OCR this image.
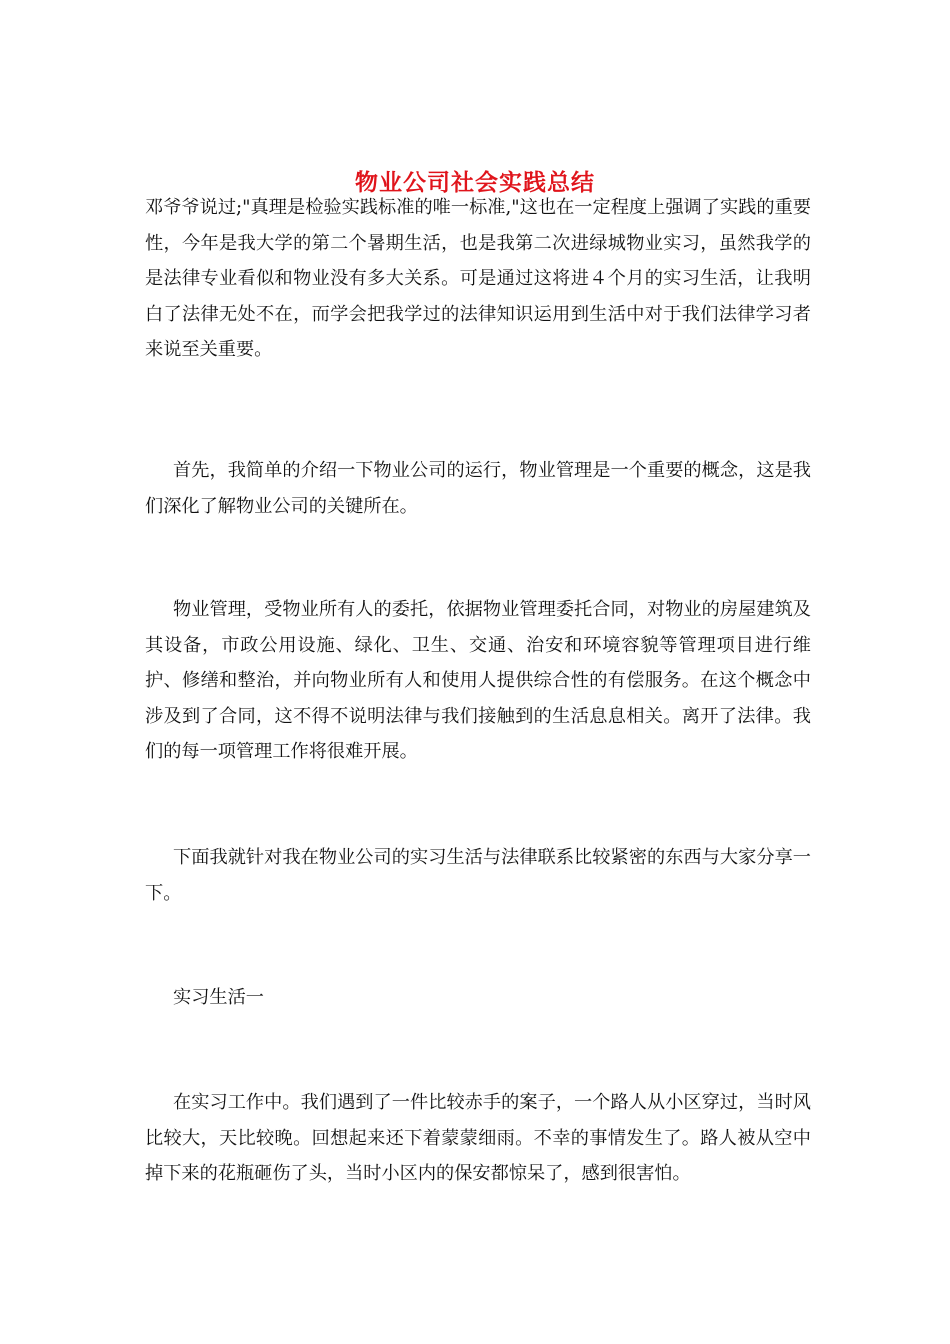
物业公司社会实践总结

邓爷爷说过;"真理是检验实践标准的唯一标准,"这也在一定程度上强调了实践的重要性，今年是我大学的第二个暑期生活，也是我第二次进绿城物业实习，虽然我学的是法律专业看似和物业没有多大关系。可是通过这将进４个月的实习生活，让我明白了法律无处不在，而学会把我学过的法律知识运用到生活中对于我们法律学习者来说至关重要。

首先，我简单的介绍一下物业公司的运行，物业管理是一个重要的概念，这是我们深化了解物业公司的关键所在。

物业管理，受物业所有人的委托，依据物业管理委托合同，对物业的房屋建筑及其设备，市政公用设施、绿化、卫生、交通、治安和环境容貌等管理项目进行维护、修缮和整治，并向物业所有人和使用人提供综合性的有偿服务。在这个概念中涉及到了合同，这不得不说明法律与我们接触到的生活息息相关。离开了法律。我们的每一项管理工作将很难开展。

下面我就针对我在物业公司的实习生活与法律联系比较紧密的东西与大家分享一下。

实习生活一

在实习工作中。我们遇到了一件比较赤手的案子，一个路人从小区穿过，当时风比较大，天比较晚。回想起来还下着蒙蒙细雨。不幸的事情发生了。路人被从空中掉下来的花瓶砸伤了头，当时小区内的保安都惊呆了，感到很害怕。
